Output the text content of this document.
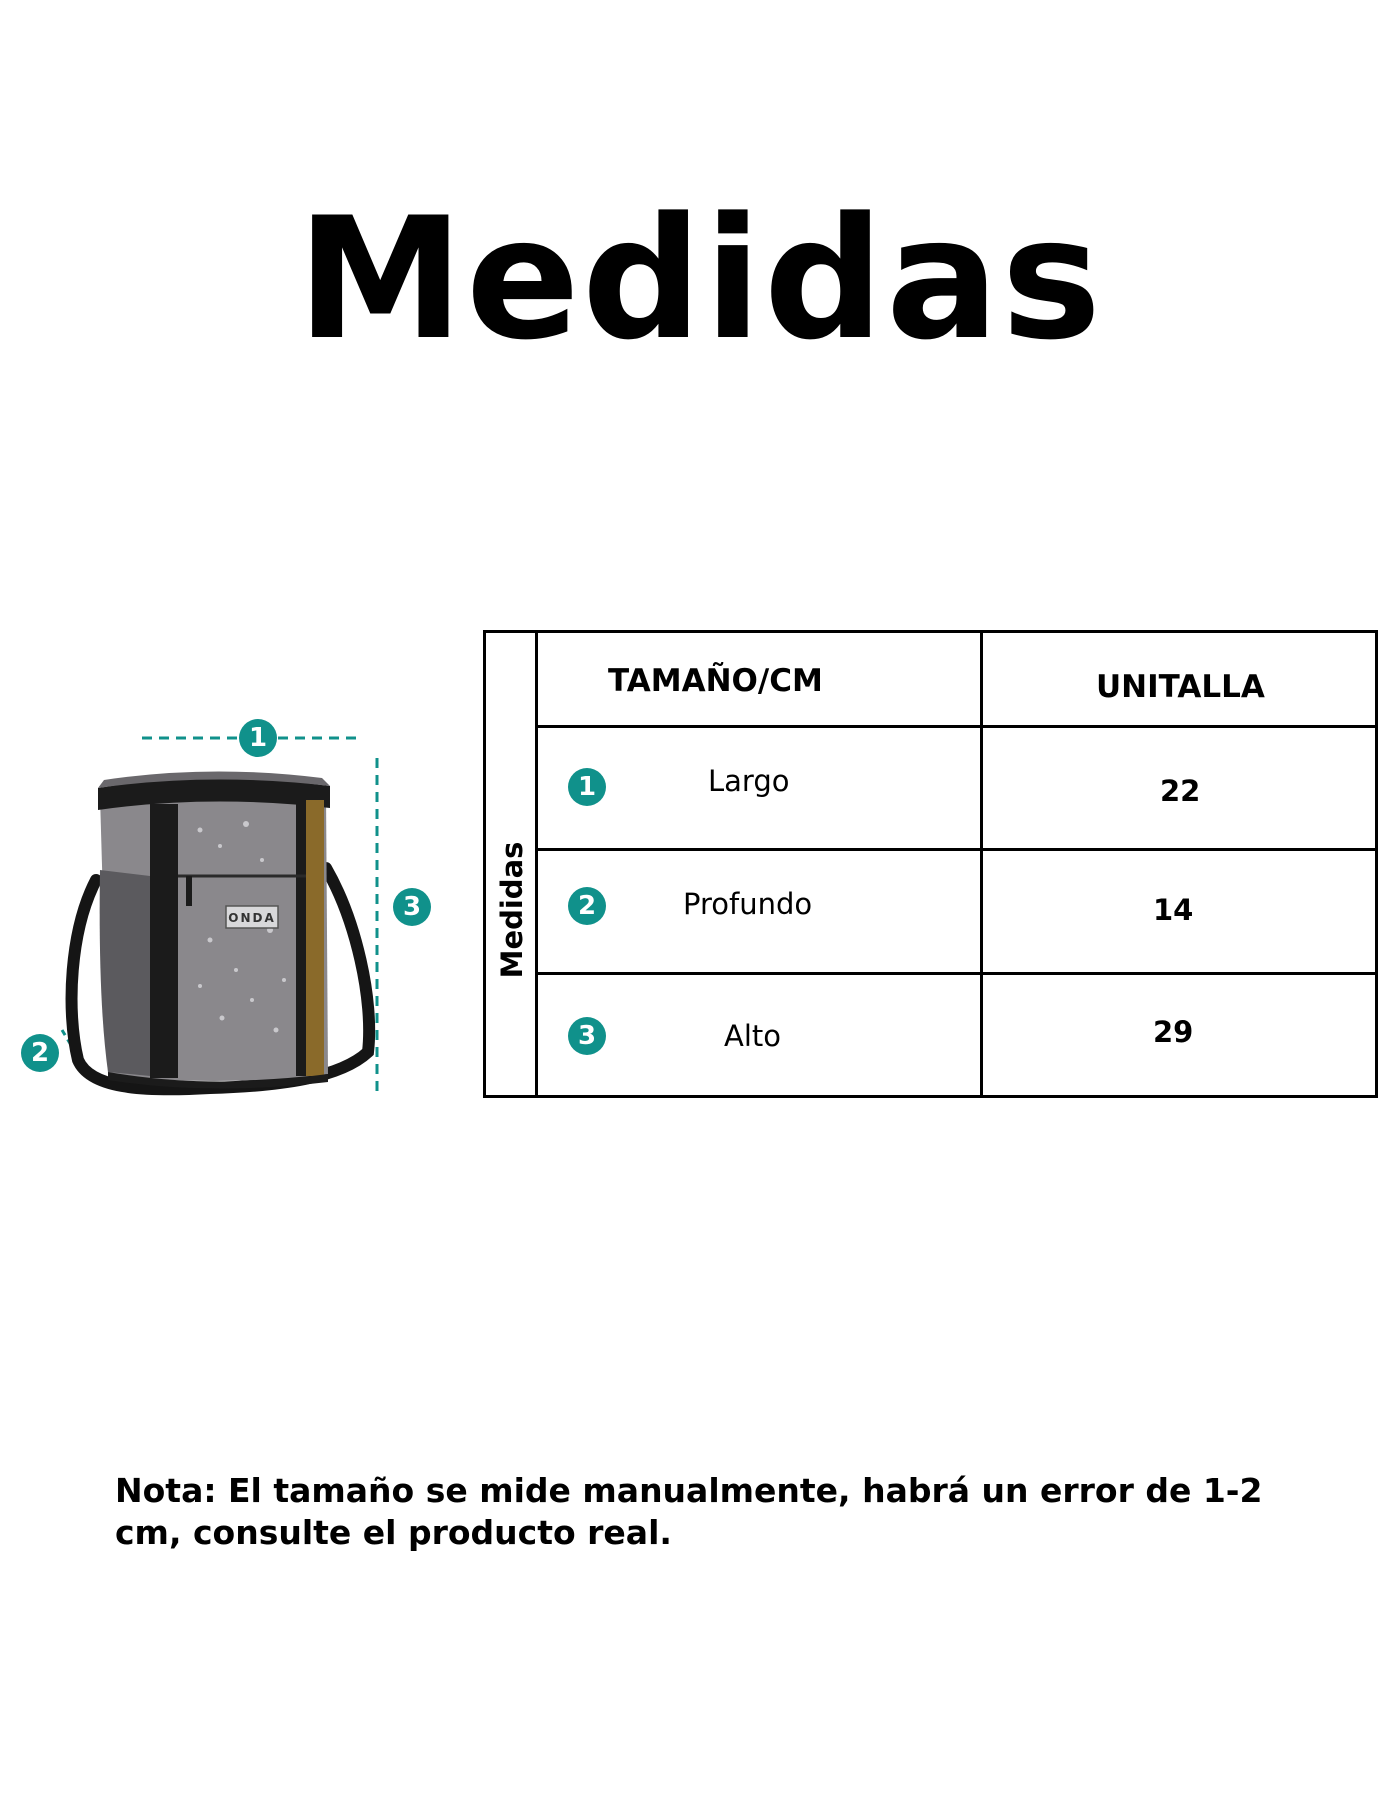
Medidas
ONDA
1
3
2
Medidas
TAMAÑO/CM	UNITALLA
1	Largo	22
2	Profundo	14
3	Alto	29
Nota: El tamaño se mide manualmente, habrá un error de 1-2 cm, consulte el producto real.
